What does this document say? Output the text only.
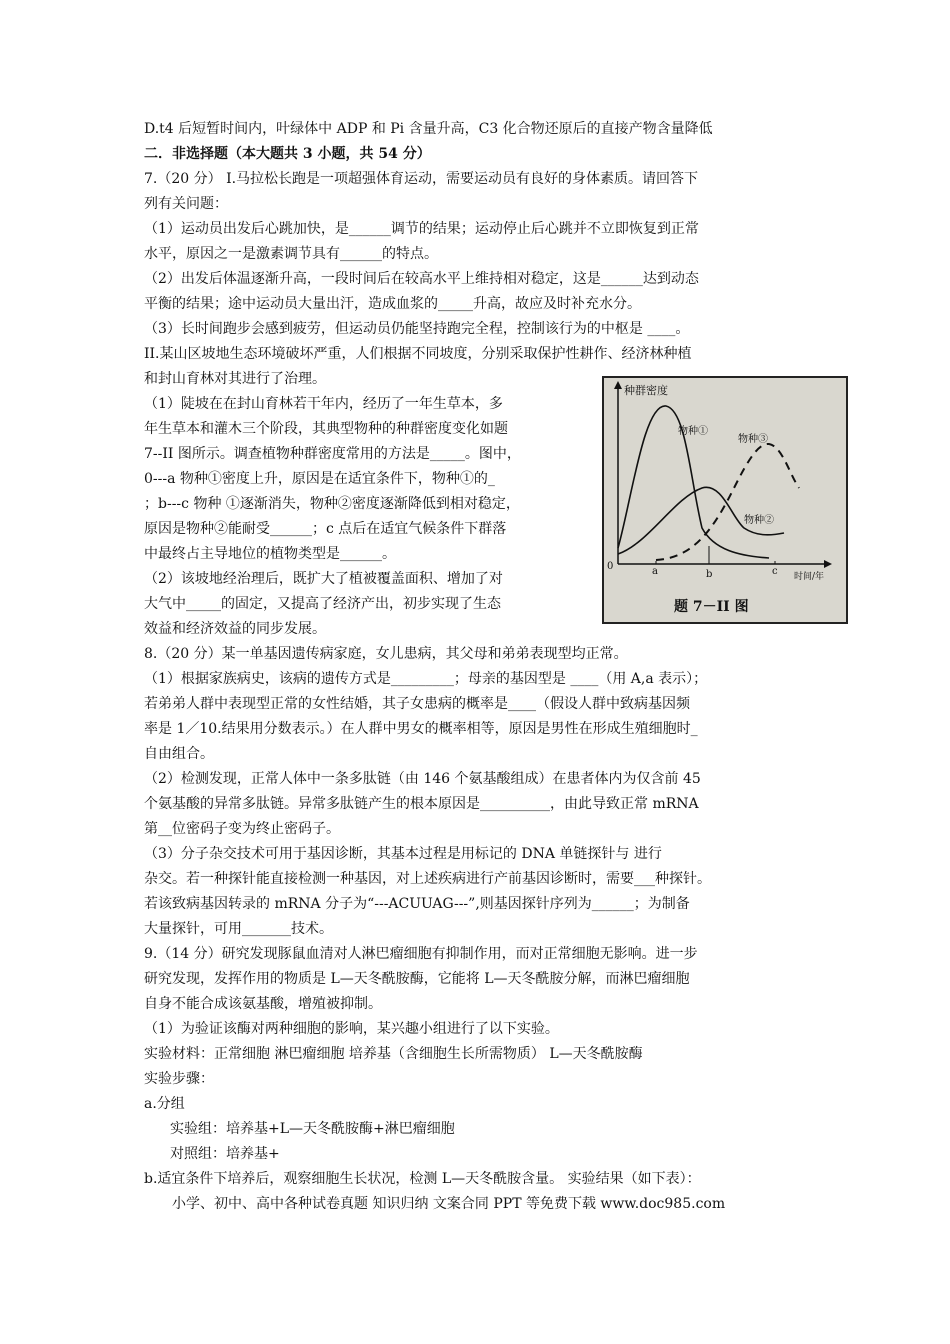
D.t4 后短暂时间内，叶绿体中 ADP 和 Pi 含量升高，C3 化合物还原后的直接产物含量降低
二．非选择题（本大题共 3 小题，共 54 分）
7.（20 分） I.马拉松长跑是一项超强体育运动，需要运动员有良好的身体素质。请回答下
列有关问题：
（1）运动员出发后心跳加快，是______调节的结果；运动停止后心跳并不立即恢复到正常
水平，原因之一是激素调节具有______的特点。
（2）出发后体温逐渐升高，一段时间后在较高水平上维持相对稳定，这是______达到动态
平衡的结果；途中运动员大量出汗，造成血浆的_____升高，故应及时补充水分。
（3）长时间跑步会感到疲劳，但运动员仍能坚持跑完全程，控制该行为的中枢是 ____。
II.某山区坡地生态环境破坏严重，人们根据不同坡度，分别采取保护性耕作、经济林种植
和封山育林对其进行了治理。
（1）陡坡在在封山育林若干年内，经历了一年生草本，多
年生草本和灌木三个阶段，其典型物种的种群密度变化如题
7--II 图所示。调查植物种群密度常用的方法是_____。图中，
0---a 物种①密度上升，原因是在适宜条件下，物种①的_
；b---c 物种 ①逐渐消失，物种②密度逐渐降低到相对稳定，
原因是物种②能耐受______；c 点后在适宜气候条件下群落
中最终占主导地位的植物类型是______。
（2）该坡地经治理后，既扩大了植被覆盖面积、增加了对
大气中_____的固定，又提高了经济产出，初步实现了生态
效益和经济效益的同步发展。
8.（20 分）某一单基因遗传病家庭，女儿患病，其父母和弟弟表现型均正常。
（1）根据家族病史，该病的遗传方式是_________；母亲的基因型是 ____（用 A,a 表示）；
若弟弟人群中表现型正常的女性结婚，其子女患病的概率是____（假设人群中致病基因频
率是 1／10.结果用分数表示。）在人群中男女的概率相等，原因是男性在形成生殖细胞时_
自由组合。
（2）检测发现，正常人体中一条多肽链（由 146 个氨基酸组成）在患者体内为仅含前 45
个氨基酸的异常多肽链。异常多肽链产生的根本原因是__________，由此导致正常 mRNA
第__位密码子变为终止密码子。
（3）分子杂交技术可用于基因诊断，其基本过程是用标记的 DNA 单链探针与 进行
杂交。若一种探针能直接检测一种基因，对上述疾病进行产前基因诊断时，需要___种探针。
若该致病基因转录的 mRNA 分子为“---ACUUAG---”,则基因探针序列为______；为制备
大量探针，可用_______技术。
9.（14 分）研究发现豚鼠血清对人淋巴瘤细胞有抑制作用，而对正常细胞无影响。进一步
研究发现，发挥作用的物质是 L—天冬酰胺酶，它能将 L—天冬酰胺分解，而淋巴瘤细胞
自身不能合成该氨基酸，增殖被抑制。
（1）为验证该酶对两种细胞的影响，某兴趣小组进行了以下实验。
实验材料：正常细胞 淋巴瘤细胞 培养基（含细胞生长所需物质） L—天冬酰胺酶
实验步骤：
a.分组
实验组：培养基+L—天冬酰胺酶+淋巴瘤细胞
对照组：培养基+
b.适宜条件下培养后，观察细胞生长状况，检测 L—天冬酰胺含量。 实验结果（如下表）：
小学、初中、高中各种试卷真题 知识归纳 文案合同 PPT 等免费下载 www.doc985.com
种群密度
时间/年
0	a	b	c
物种①
物种②
物种③
题 7－II 图
